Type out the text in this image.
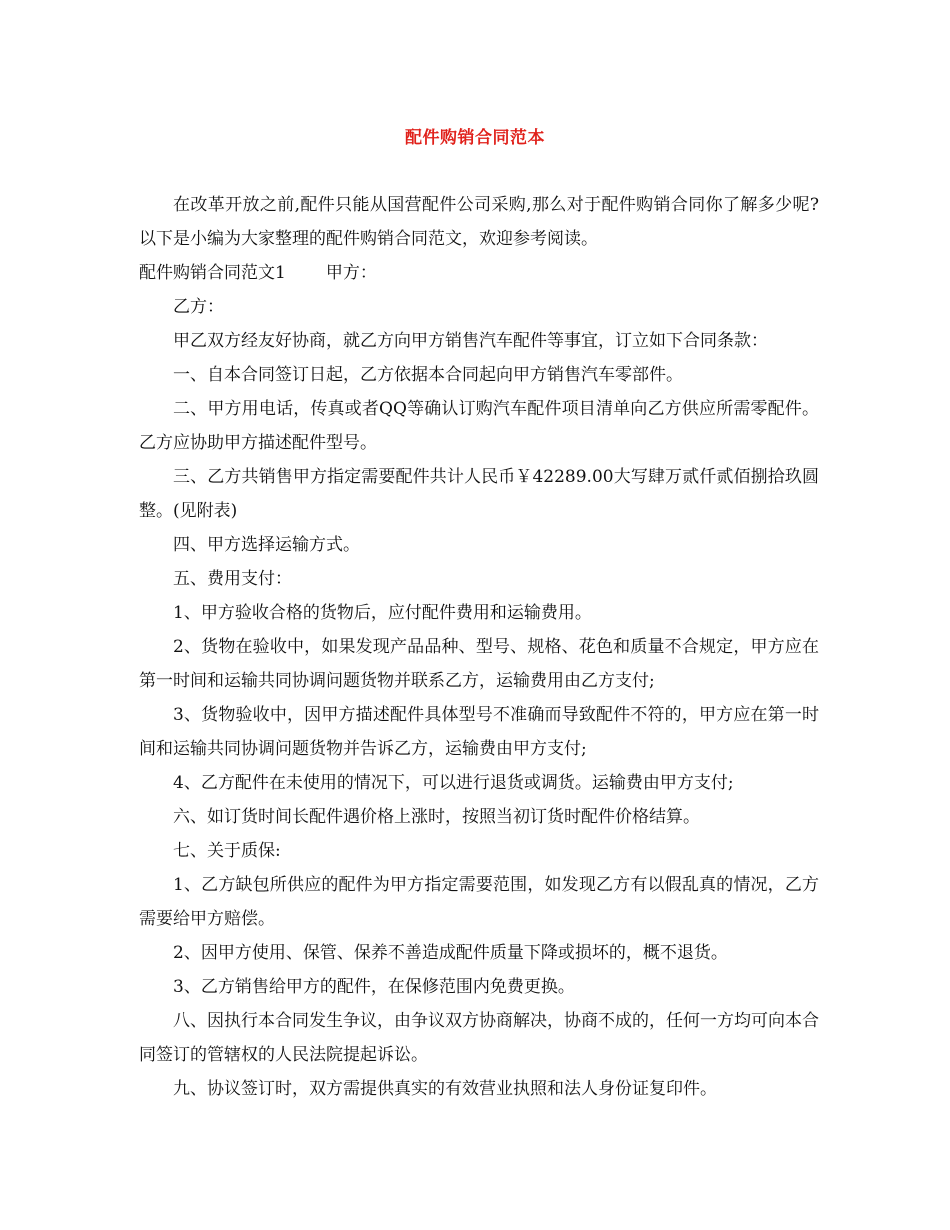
配件购销合同范本

在改革开放之前,配件只能从国营配件公司采购,那么对于配件购销合同你了解多少呢?以下是小编为大家整理的配件购销合同范文，欢迎参考阅读。

配件购销合同范文1 甲方：

乙方：

甲乙双方经友好协商，就乙方向甲方销售汽车配件等事宜，订立如下合同条款：

一、自本合同签订日起，乙方依据本合同起向甲方销售汽车零部件。

二、甲方用电话，传真或者QQ等确认订购汽车配件项目清单向乙方供应所需零配件。乙方应协助甲方描述配件型号。

三、乙方共销售甲方指定需要配件共计人民币￥42289.00大写肆万贰仟贰佰捌拾玖圆整。(见附表)

四、甲方选择运输方式。

五、费用支付：

1、甲方验收合格的货物后，应付配件费用和运输费用。

2、货物在验收中，如果发现产品品种、型号、规格、花色和质量不合规定，甲方应在第一时间和运输共同协调问题货物并联系乙方，运输费用由乙方支付;

3、货物验收中，因甲方描述配件具体型号不准确而导致配件不符的，甲方应在第一时间和运输共同协调问题货物并告诉乙方，运输费由甲方支付;

4、乙方配件在未使用的情况下，可以进行退货或调货。运输费由甲方支付;

六、如订货时间长配件遇价格上涨时，按照当初订货时配件价格结算。

七、关于质保:

1、乙方缺包所供应的配件为甲方指定需要范围，如发现乙方有以假乱真的情况，乙方需要给甲方赔偿。

2、因甲方使用、保管、保养不善造成配件质量下降或损坏的，概不退货。

3、乙方销售给甲方的配件，在保修范围内免费更换。

八、因执行本合同发生争议，由争议双方协商解决，协商不成的，任何一方均可向本合同签订的管辖权的人民法院提起诉讼。

九、协议签订时，双方需提供真实的有效营业执照和法人身份证复印件。
